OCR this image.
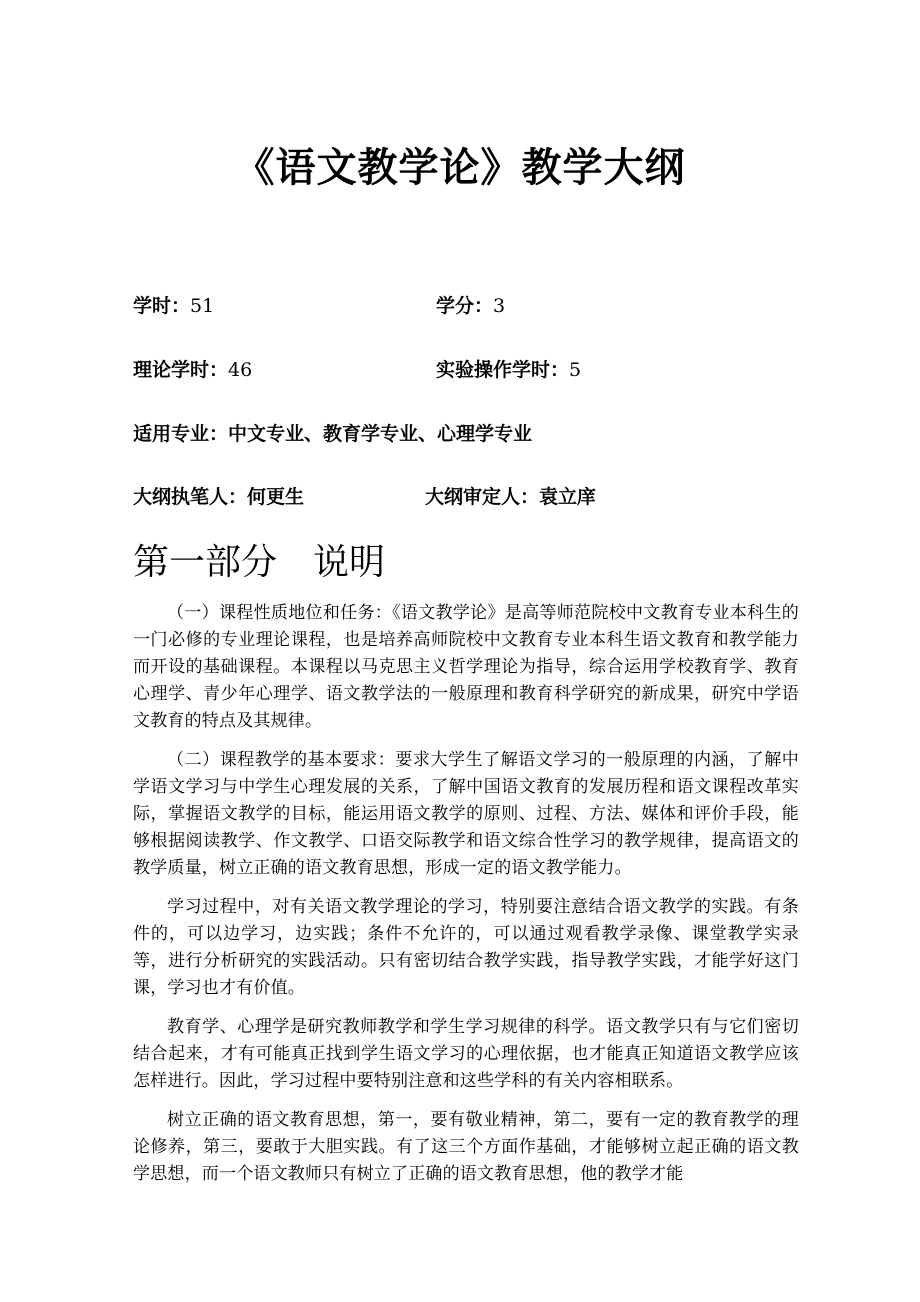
《语文教学论》教学大纲
学时：51	学分：3
理论学时：46	实验操作学时：5
适用专业：中文专业、教育学专业、心理学专业
大纲执笔人：何更生	大纲审定人：袁立庠
第一部分　说明

（一）课程性质地位和任务：《语文教学论》是高等师范院校中文教育专业本科生的一门必修的专业理论课程，也是培养高师院校中文教育专业本科生语文教育和教学能力而开设的基础课程。本课程以马克思主义哲学理论为指导，综合运用学校教育学、教育心理学、青少年心理学、语文教学法的一般原理和教育科学研究的新成果，研究中学语文教育的特点及其规律。

（二）课程教学的基本要求：要求大学生了解语文学习的一般原理的内涵，了解中学语文学习与中学生心理发展的关系，了解中国语文教育的发展历程和语文课程改革实际，掌握语文教学的目标，能运用语文教学的原则、过程、方法、媒体和评价手段，能够根据阅读教学、作文教学、口语交际教学和语文综合性学习的教学规律，提高语文的教学质量，树立正确的语文教育思想，形成一定的语文教学能力。

学习过程中，对有关语文教学理论的学习，特别要注意结合语文教学的实践。有条件的，可以边学习，边实践；条件不允许的，可以通过观看教学录像、课堂教学实录等，进行分析研究的实践活动。只有密切结合教学实践，指导教学实践，才能学好这门课，学习也才有价值。

教育学、心理学是研究教师教学和学生学习规律的科学。语文教学只有与它们密切结合起来，才有可能真正找到学生语文学习的心理依据，也才能真正知道语文教学应该怎样进行。因此，学习过程中要特别注意和这些学科的有关内容相联系。

树立正确的语文教育思想，第一，要有敬业精神，第二，要有一定的教育教学的理论修养，第三，要敢于大胆实践。有了这三个方面作基础，才能够树立起正确的语文教学思想，而一个语文教师只有树立了正确的语文教育思想，他的教学才能
